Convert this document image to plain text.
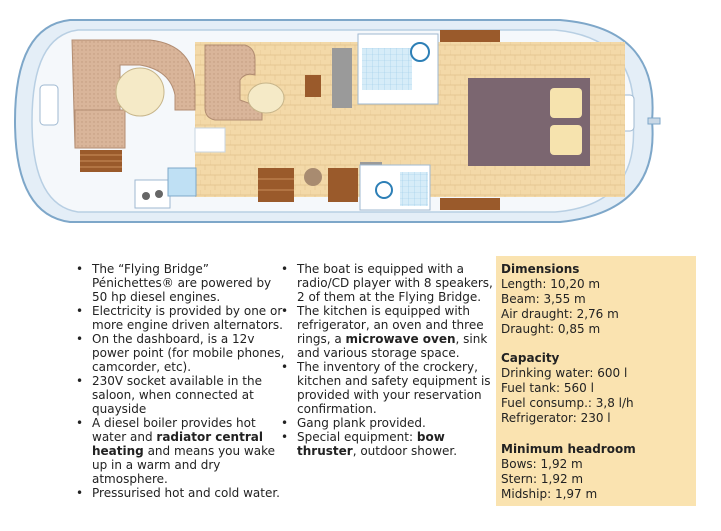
• The “Flying Bridge” Pénichettes® are powered by 50 hp diesel engines.
• Electricity is provided by one or more engine driven alternators.
• On the dashboard, is a 12v power point (for mobile phones, camcorder, etc).
• 230V socket available in the saloon, when connected at quayside
• A diesel boiler provides hot water and radiator central heating and means you wake up in a warm and dry atmosphere.
• Pressurised hot and cold water.
• The boat is equipped with a radio/CD player with 8 speakers, 2 of them at the Flying Bridge.
• The kitchen is equipped with refrigerator, an oven and three rings, a microwave oven, sink and various storage space.
• The inventory of the crockery, kitchen and safety equipment is provided with your reservation confirmation.
• Gang plank provided.
• Special equipment: bow thruster, outdoor shower.
Dimensions
Length: 10,20 m
Beam: 3,55 m
Air draught: 2,76 m
Draught: 0,85 m
Capacity
Drinking water: 600 l
Fuel tank: 560 l
Fuel consump.: 3,8 l/h
Refrigerator: 230 l
Minimum headroom
Bows: 1,92 m
Stern: 1,92 m
Midship: 1,97 m
